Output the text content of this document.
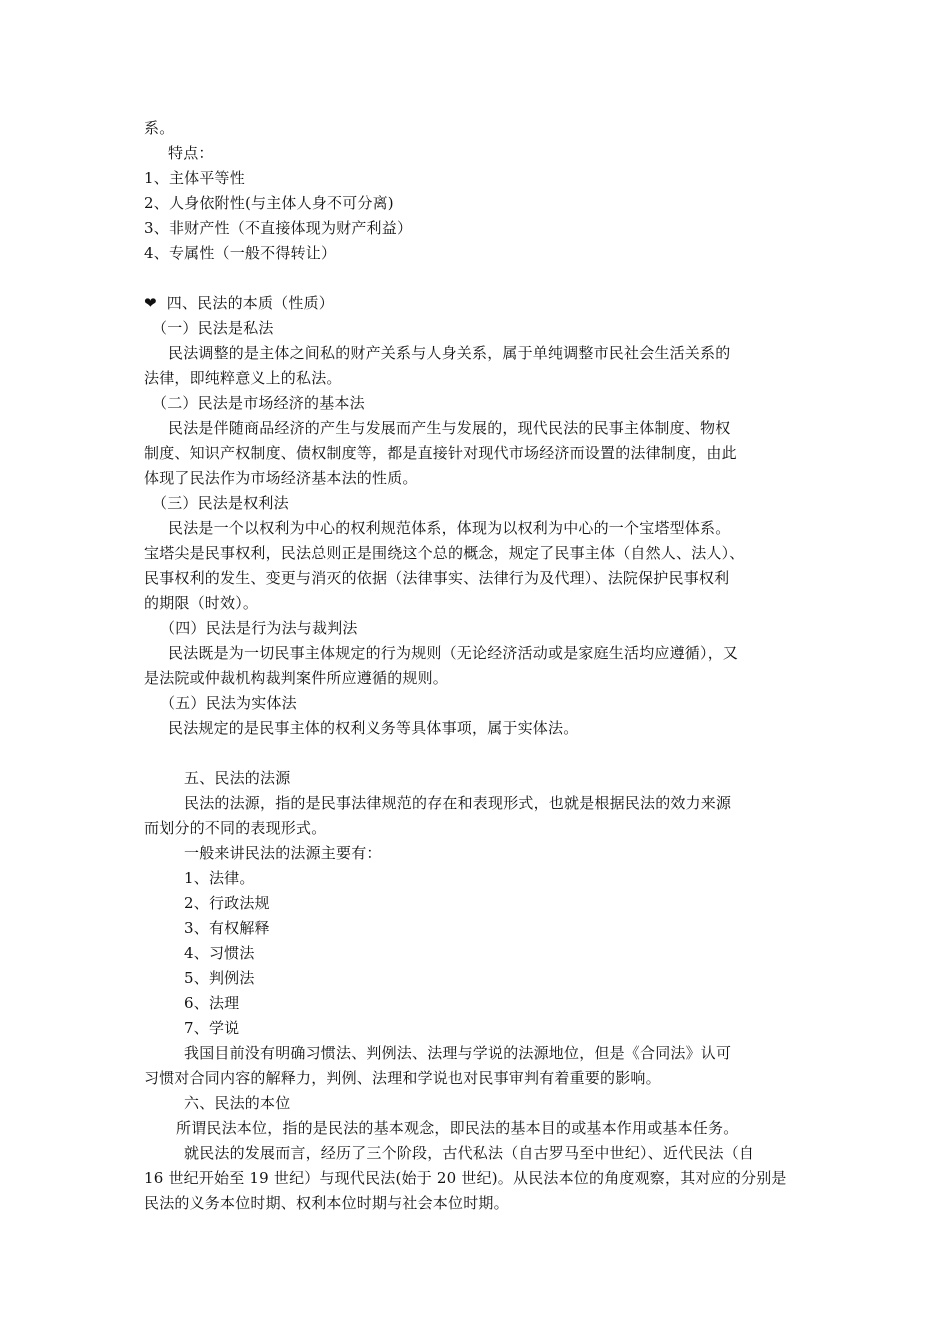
系。
特点：
1、主体平等性
2、人身依附性(与主体人身不可分离)
3、非财产性（不直接体现为财产利益）
4、专属性（一般不得转让）
❤ 四、民法的本质（性质）
（一）民法是私法
民法调整的是主体之间私的财产关系与人身关系，属于单纯调整市民社会生活关系的
法律，即纯粹意义上的私法。
（二）民法是市场经济的基本法
民法是伴随商品经济的产生与发展而产生与发展的，现代民法的民事主体制度、物权
制度、知识产权制度、债权制度等，都是直接针对现代市场经济而设置的法律制度，由此
体现了民法作为市场经济基本法的性质。
（三）民法是权利法
民法是一个以权利为中心的权利规范体系，体现为以权利为中心的一个宝塔型体系。
宝塔尖是民事权利，民法总则正是围绕这个总的概念，规定了民事主体（自然人、法人）、
民事权利的发生、变更与消灭的依据（法律事实、法律行为及代理）、法院保护民事权利
的期限（时效）。
（四）民法是行为法与裁判法
民法既是为一切民事主体规定的行为规则（无论经济活动或是家庭生活均应遵循），又
是法院或仲裁机构裁判案件所应遵循的规则。
（五）民法为实体法
民法规定的是民事主体的权利义务等具体事项，属于实体法。
五、民法的法源
民法的法源，指的是民事法律规范的存在和表现形式，也就是根据民法的效力来源
而划分的不同的表现形式。
一般来讲民法的法源主要有：
1、法律。
2、行政法规
3、有权解释
4、习惯法
5、判例法
6、法理
7、学说
我国目前没有明确习惯法、判例法、法理与学说的法源地位，但是《合同法》认可
习惯对合同内容的解释力，判例、法理和学说也对民事审判有着重要的影响。
六、民法的本位
所谓民法本位，指的是民法的基本观念，即民法的基本目的或基本作用或基本任务。
就民法的发展而言，经历了三个阶段，古代私法（自古罗马至中世纪）、近代民法（自
16 世纪开始至 19 世纪）与现代民法(始于 20 世纪)。从民法本位的角度观察，其对应的分别是
民法的义务本位时期、权利本位时期与社会本位时期。
